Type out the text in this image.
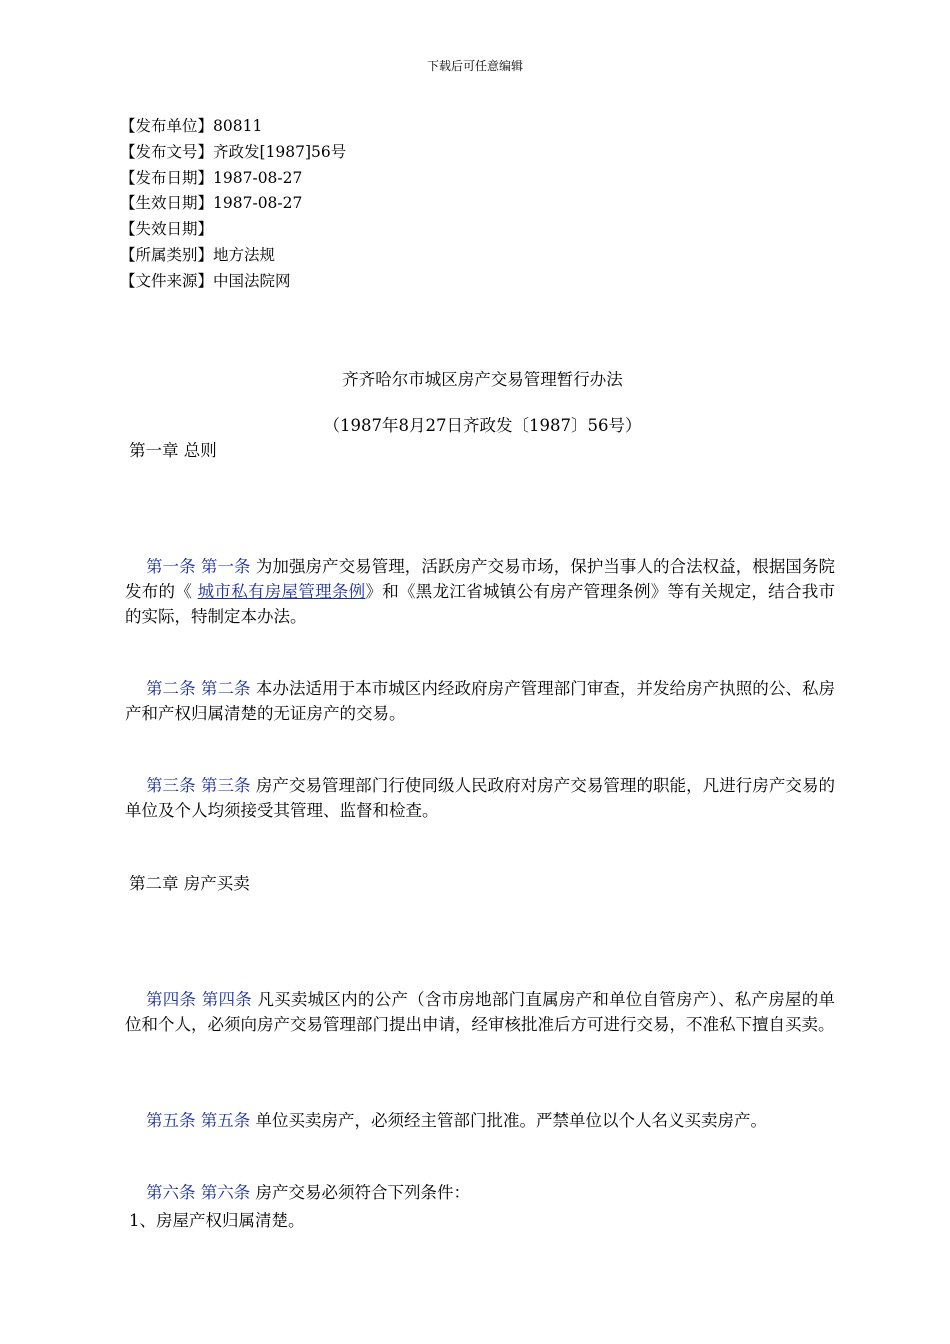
下载后可任意编辑
【发布单位】80811
【发布文号】齐政发[1987]56号
【发布日期】1987-08-27
【生效日期】1987-08-27
【失效日期】
【所属类别】地方法规
【文件来源】中国法院网
齐齐哈尔市城区房产交易管理暂行办法
（1987年8月27日齐政发〔1987〕56号）
第一章 总则
第一条 第一条 为加强房产交易管理，活跃房产交易市场，保护当事人的合法权益，根据国务院发布的《 城市私有房屋管理条例》和《黑龙江省城镇公有房产管理条例》等有关规定，结合我市的实际，特制定本办法。
第二条 第二条 本办法适用于本市城区内经政府房产管理部门审查，并发给房产执照的公、私房产和产权归属清楚的无证房产的交易。
第三条 第三条 房产交易管理部门行使同级人民政府对房产交易管理的职能，凡进行房产交易的单位及个人均须接受其管理、监督和检查。
第二章 房产买卖
第四条 第四条 凡买卖城区内的公产（含市房地部门直属房产和单位自管房产）、私产房屋的单位和个人，必须向房产交易管理部门提出申请，经审核批准后方可进行交易，不准私下擅自买卖。
第五条 第五条 单位买卖房产，必须经主管部门批准。严禁单位以个人名义买卖房产。
第六条 第六条 房产交易必须符合下列条件：
1、房屋产权归属清楚。
